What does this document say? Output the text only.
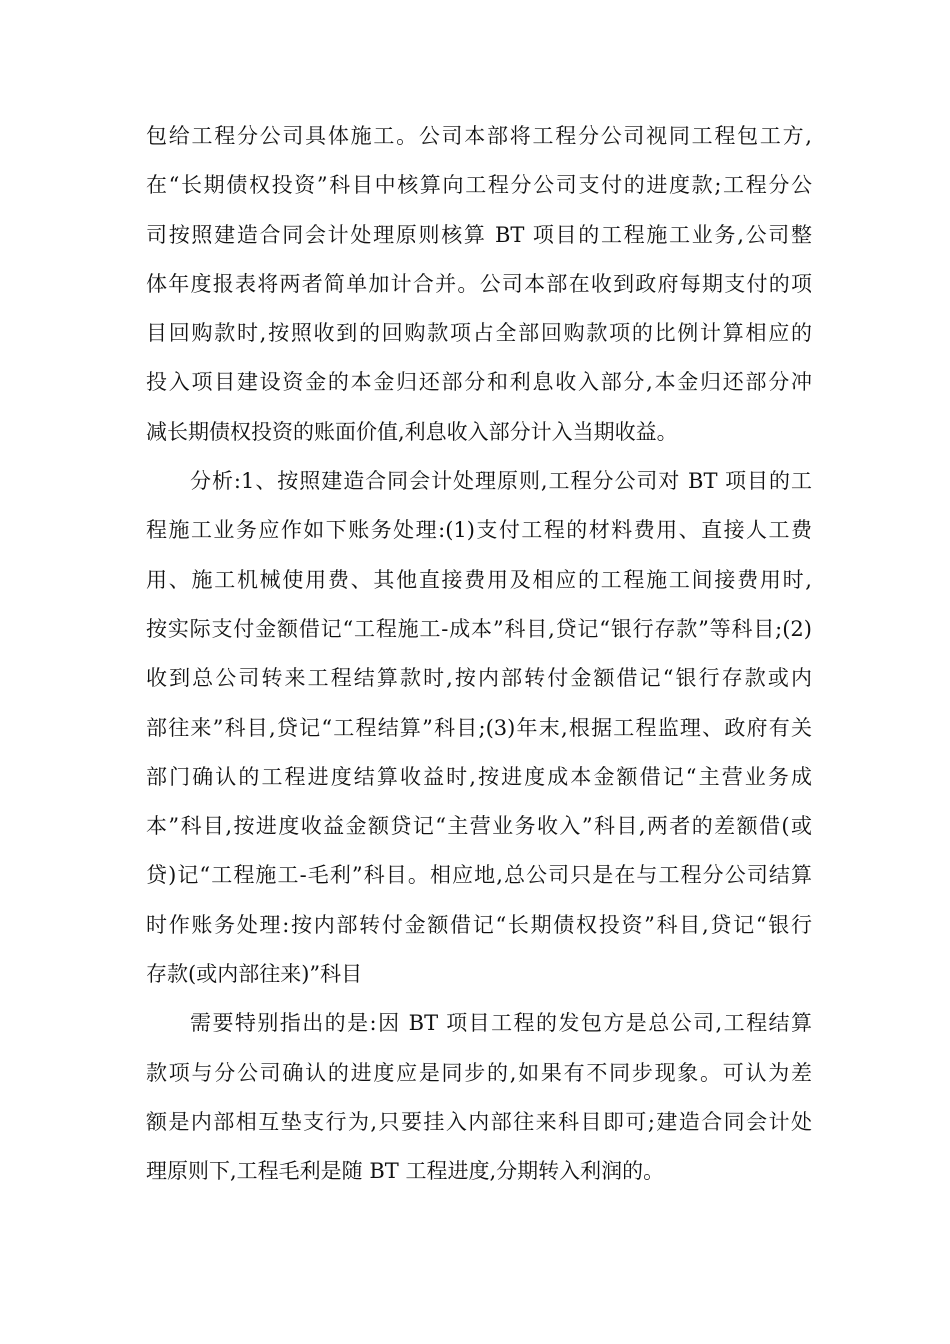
包给工程分公司具体施工。公司本部将工程分公司视同工程包工方,
在“长期债权投资”科目中核算向工程分公司支付的进度款;工程分公
司按照建造合同会计处理原则核算 BT 项目的工程施工业务,公司整
体年度报表将两者简单加计合并。公司本部在收到政府每期支付的项
目回购款时,按照收到的回购款项占全部回购款项的比例计算相应的
投入项目建设资金的本金归还部分和利息收入部分,本金归还部分冲
减长期债权投资的账面价值,利息收入部分计入当期收益。
分析:1、按照建造合同会计处理原则,工程分公司对 BT 项目的工
程施工业务应作如下账务处理:(1)支付工程的材料费用、直接人工费
用、施工机械使用费、其他直接费用及相应的工程施工间接费用时,
按实际支付金额借记“工程施工-成本”科目,贷记“银行存款”等科目;(2)
收到总公司转来工程结算款时,按内部转付金额借记“银行存款或内
部往来”科目,贷记“工程结算”科目;(3)年末,根据工程监理、政府有关
部门确认的工程进度结算收益时,按进度成本金额借记“主营业务成
本”科目,按进度收益金额贷记“主营业务收入”科目,两者的差额借(或
贷)记“工程施工-毛利”科目。相应地,总公司只是在与工程分公司结算
时作账务处理:按内部转付金额借记“长期债权投资”科目,贷记“银行
存款(或内部往来)”科目
需要特别指出的是:因 BT 项目工程的发包方是总公司,工程结算
款项与分公司确认的进度应是同步的,如果有不同步现象。可认为差
额是内部相互垫支行为,只要挂入内部往来科目即可;建造合同会计处
理原则下,工程毛利是随 BT 工程进度,分期转入利润的。
